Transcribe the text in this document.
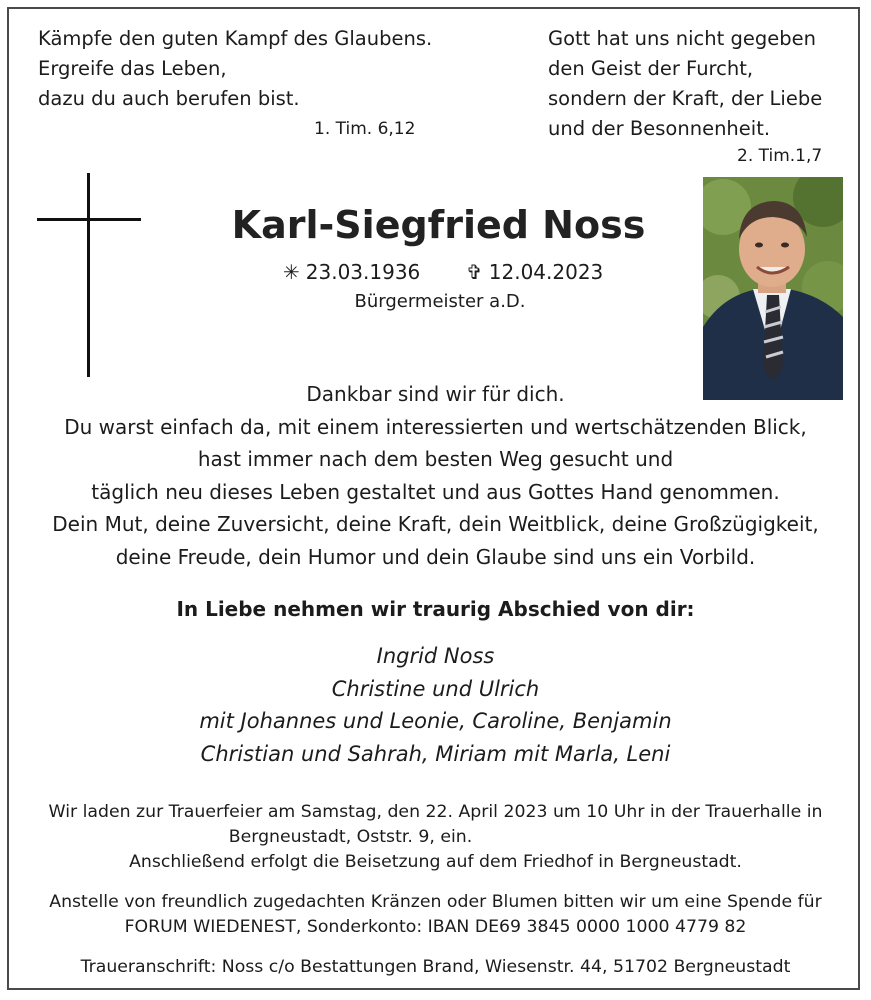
Kämpfe den guten Kampf des Glaubens.
Ergreife das Leben,
dazu du auch berufen bist.
1. Tim. 6,12
Gott hat uns nicht gegeben
den Geist der Furcht,
sondern der Kraft, der Liebe
und der Besonnenheit.
2. Tim.1,7
Karl-Siegfried Noss
✳ 23.03.1936 ✞ 12.04.2023
Bürgermeister a.D.
Dankbar sind wir für dich.
Du warst einfach da, mit einem interessierten und wertschätzenden Blick,
hast immer nach dem besten Weg gesucht und
täglich neu dieses Leben gestaltet und aus Gottes Hand genommen.
Dein Mut, deine Zuversicht, deine Kraft, dein Weitblick, deine Großzügigkeit,
deine Freude, dein Humor und dein Glaube sind uns ein Vorbild.
In Liebe nehmen wir traurig Abschied von dir:
Ingrid Noss
Christine und Ulrich
mit Johannes und Leonie, Caroline, Benjamin
Christian und Sahrah, Miriam mit Marla, Leni
Wir laden zur Trauerfeier am Samstag, den 22. April 2023 um 10 Uhr in der Trauerhalle in
Bergneustadt, Oststr. 9, ein.
Anschließend erfolgt die Beisetzung auf dem Friedhof in Bergneustadt.
Anstelle von freundlich zugedachten Kränzen oder Blumen bitten wir um eine Spende für
FORUM WIEDENEST, Sonderkonto: IBAN DE69 3845 0000 1000 4779 82
Traueranschrift: Noss c/o Bestattungen Brand, Wiesenstr. 44, 51702 Bergneustadt
